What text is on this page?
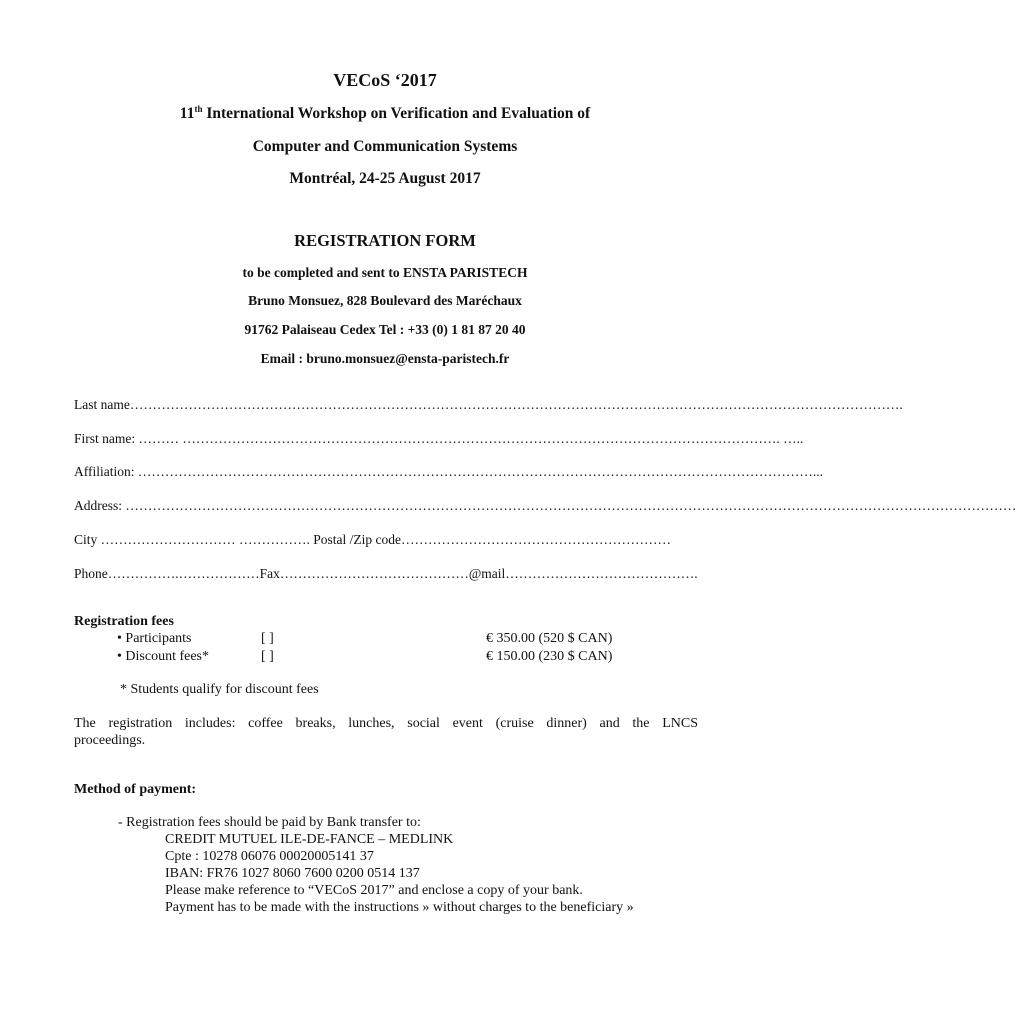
VECoS ‘2017
11th International Workshop on Verification and Evaluation of
Computer and Communication Systems
Montréal, 24-25 August 2017
REGISTRATION FORM
to be completed and sent to ENSTA PARISTECH
Bruno Monsuez, 828 Boulevard des Maréchaux
91762 Palaiseau Cedex Tel : +33 (0) 1 81 87 20 40
Email : bruno.monsuez@ensta-paristech.fr
Last name……………………………………………………………………………………………………………………………………………………….
First name: ……… ……………………………………………………………………………………………………………………. …..
Affiliation: ……………………………………………………………………………………………………………………………………...
Address: ………………………………………………………………………………………………………………………………………………………………………………
City ………………………… ……………. Postal /Zip code……………………………………………………
Phone…………….………………Fax……………………………………@mail…………………………………….
Registration fees
• Participants	[ ]	€ 350.00 (520 $ CAN)
• Discount fees*	[ ]	€ 150.00 (230 $ CAN)
* Students qualify for discount fees
The registration includes: coffee breaks, lunches, social event (cruise dinner) and the LNCS
proceedings.
Method of payment:
- Registration fees should be paid by Bank transfer to:
CREDIT MUTUEL ILE-DE-FANCE – MEDLINK
Cpte : 10278 06076 00020005141 37
IBAN: FR76 1027 8060 7600 0200 0514 137
Please make reference to “VECoS 2017” and enclose a copy of your bank.
Payment has to be made with the instructions » without charges to the beneficiary »
